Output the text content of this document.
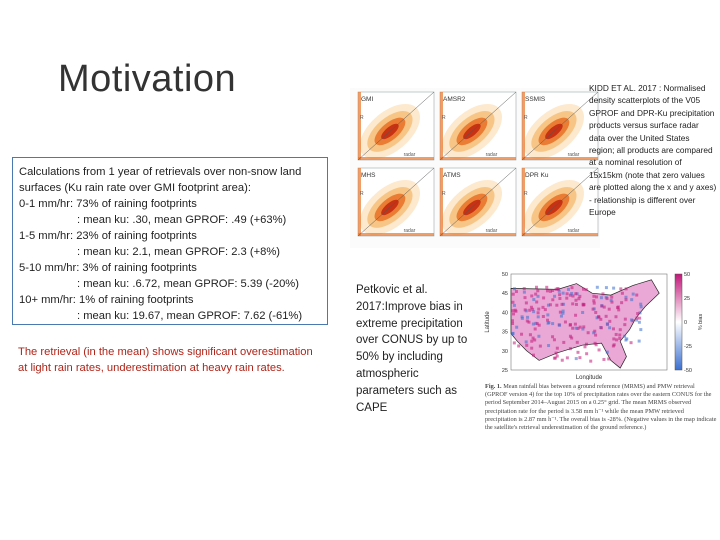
Motivation
Calculations from 1 year of retrievals over non-snow land surfaces (Ku rain rate over GMI footprint area):
0-1 mm/hr: 73% of raining footprints
: mean ku: .30, mean GPROF: .49 (+63%)
1-5 mm/hr: 23% of raining footprints
: mean ku: 2.1, mean GPROF: 2.3 (+8%)
5-10 mm/hr: 3% of raining footprints
: mean ku: .6.72, mean GPROF: 5.39 (-20%)
10+ mm/hr: 1% of raining footprints
: mean ku: 19.67, mean GPROF: 7.62 (-61%)
The retrieval (in the mean) shows significant overestimation at light rain rates, underestimation at heavy rain rates.
GMI
R
radar
AMSR2
R
radar
SSMIS
R
radar
MHS
R
radar
ATMS
R
radar
DPR Ku
R
radar
KIDD ET AL. 2017 : Normalised density scatterplots of the V05 GPROF and DPR-Ku precipitation products versus surface radar data over the United States region; all products are compared at a nominal resolution of 15x15km (note that zero values are plotted along the x and y axes) - relationship is different over Europe
Petkovic et al. 2017:Improve bias in extreme precipitation over CONUS by up to 50% by including atmospheric parameters such as CAPE
50
45
40
35
30
25
Latitude
Longitude
50
25
0
-25
-50
% bias
Fig. 1. Mean rainfall bias between a ground reference (MRMS) and PMW retrieval (GPROF version 4) for the top 10% of precipitation rates over the eastern CONUS for the period September 2014–August 2015 on a 0.25° grid. The mean MRMS observed precipitation rate for the period is 3.58 mm h⁻¹ while the mean PMW retrieved precipitation is 2.87 mm h⁻¹. The overall bias is -28%. (Negative values in the map indicate the satellite's retrieval underestimation of the ground reference.)
